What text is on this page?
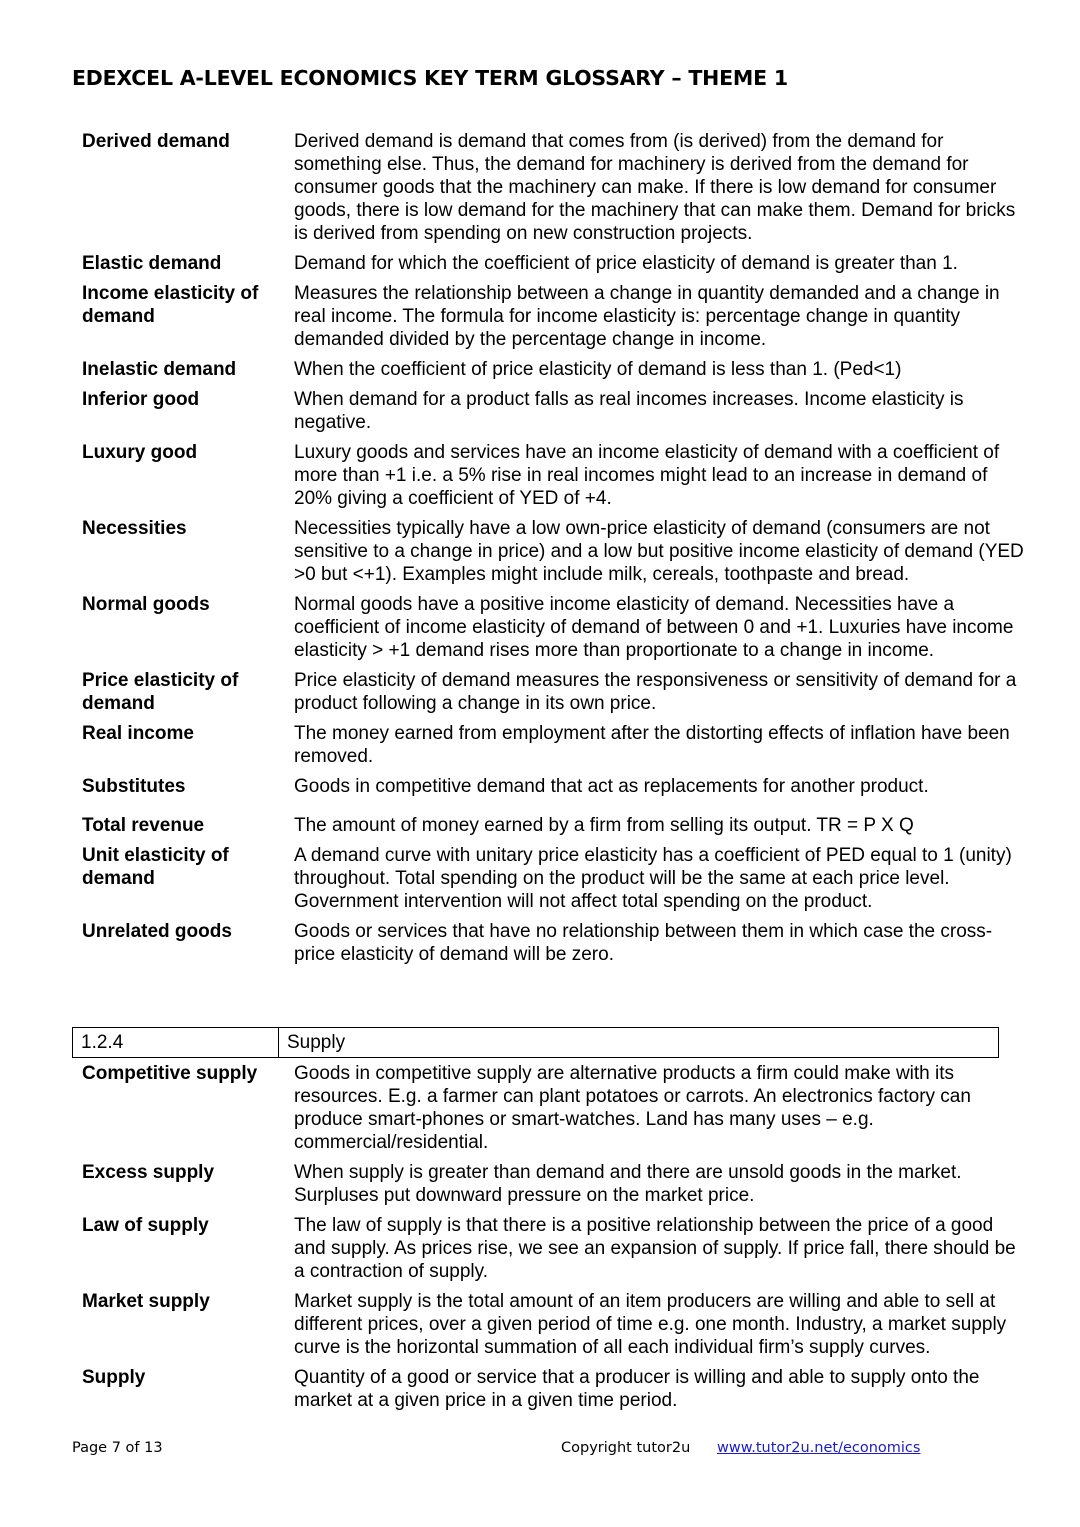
EDEXCEL A-LEVEL ECONOMICS KEY TERM GLOSSARY – THEME 1
Derived demand	Derived demand is demand that comes from (is derived) from the demand for something else. Thus, the demand for machinery is derived from the demand for consumer goods that the machinery can make. If there is low demand for consumer goods, there is low demand for the machinery that can make them. Demand for bricks is derived from spending on new construction projects.
Elastic demand	Demand for which the coefficient of price elasticity of demand is greater than 1.
Income elasticity of demand	Measures the relationship between a change in quantity demanded and a change in real income. The formula for income elasticity is: percentage change in quantity demanded divided by the percentage change in income.
Inelastic demand	When the coefficient of price elasticity of demand is less than 1. (Ped<1)
Inferior good	When demand for a product falls as real incomes increases. Income elasticity is negative.
Luxury good	Luxury goods and services have an income elasticity of demand with a coefficient of more than +1 i.e. a 5% rise in real incomes might lead to an increase in demand of 20% giving a coefficient of YED of +4.
Necessities	Necessities typically have a low own-price elasticity of demand (consumers are not sensitive to a change in price) and a low but positive income elasticity of demand (YED >0 but <+1). Examples might include milk, cereals, toothpaste and bread.
Normal goods	Normal goods have a positive income elasticity of demand. Necessities have a coefficient of income elasticity of demand of between 0 and +1. Luxuries have income elasticity > +1 demand rises more than proportionate to a change in income.
Price elasticity of demand	Price elasticity of demand measures the responsiveness or sensitivity of demand for a product following a change in its own price.
Real income	The money earned from employment after the distorting effects of inflation have been removed.
Substitutes	Goods in competitive demand that act as replacements for another product.
Total revenue	The amount of money earned by a firm from selling its output. TR = P X Q
Unit elasticity of demand	A demand curve with unitary price elasticity has a coefficient of PED equal to 1 (unity) throughout. Total spending on the product will be the same at each price level. Government intervention will not affect total spending on the product.
Unrelated goods	Goods or services that have no relationship between them in which case the cross-price elasticity of demand will be zero.
1.2.4	Supply
Competitive supply	Goods in competitive supply are alternative products a firm could make with its resources. E.g. a farmer can plant potatoes or carrots. An electronics factory can produce smart-phones or smart-watches. Land has many uses – e.g. commercial/residential.
Excess supply	When supply is greater than demand and there are unsold goods in the market. Surpluses put downward pressure on the market price.
Law of supply	The law of supply is that there is a positive relationship between the price of a good and supply. As prices rise, we see an expansion of supply. If price fall, there should be a contraction of supply.
Market supply	Market supply is the total amount of an item producers are willing and able to sell at different prices, over a given period of time e.g. one month. Industry, a market supply curve is the horizontal summation of all each individual firm’s supply curves.
Supply	Quantity of a good or service that a producer is willing and able to supply onto the market at a given price in a given time period.
Page 7 of 13	Copyright tutor2u www.tutor2u.net/economics
